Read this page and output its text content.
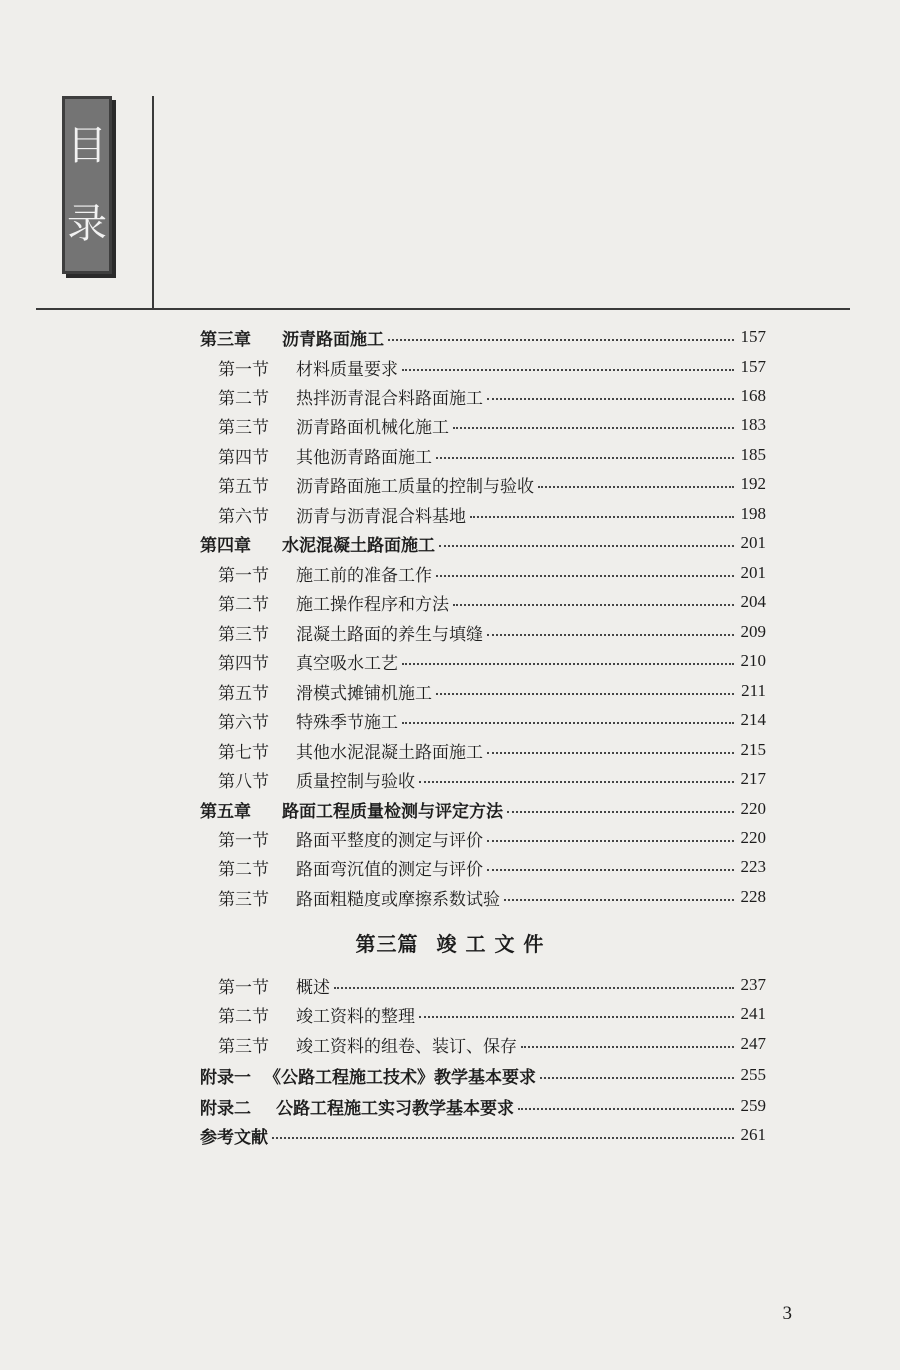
目
录
第三章	沥青路面施工	157
第一节	材料质量要求	157
第二节	热拌沥青混合料路面施工	168
第三节	沥青路面机械化施工	183
第四节	其他沥青路面施工	185
第五节	沥青路面施工质量的控制与验收	192
第六节	沥青与沥青混合料基地	198
第四章	水泥混凝土路面施工	201
第一节	施工前的准备工作	201
第二节	施工操作程序和方法	204
第三节	混凝土路面的养生与填缝	209
第四节	真空吸水工艺	210
第五节	滑模式摊铺机施工	211
第六节	特殊季节施工	214
第七节	其他水泥混凝土路面施工	215
第八节	质量控制与验收	217
第五章	路面工程质量检测与评定方法	220
第一节	路面平整度的测定与评价	220
第二节	路面弯沉值的测定与评价	223
第三节	路面粗糙度或摩擦系数试验	228
第三篇 竣 工 文 件
第一节	概述	237
第二节	竣工资料的整理	241
第三节	竣工资料的组卷、装订、保存	247
附录一 《公路工程施工技术》教学基本要求	255
附录二	公路工程施工实习教学基本要求	259
参考文献	261
3
